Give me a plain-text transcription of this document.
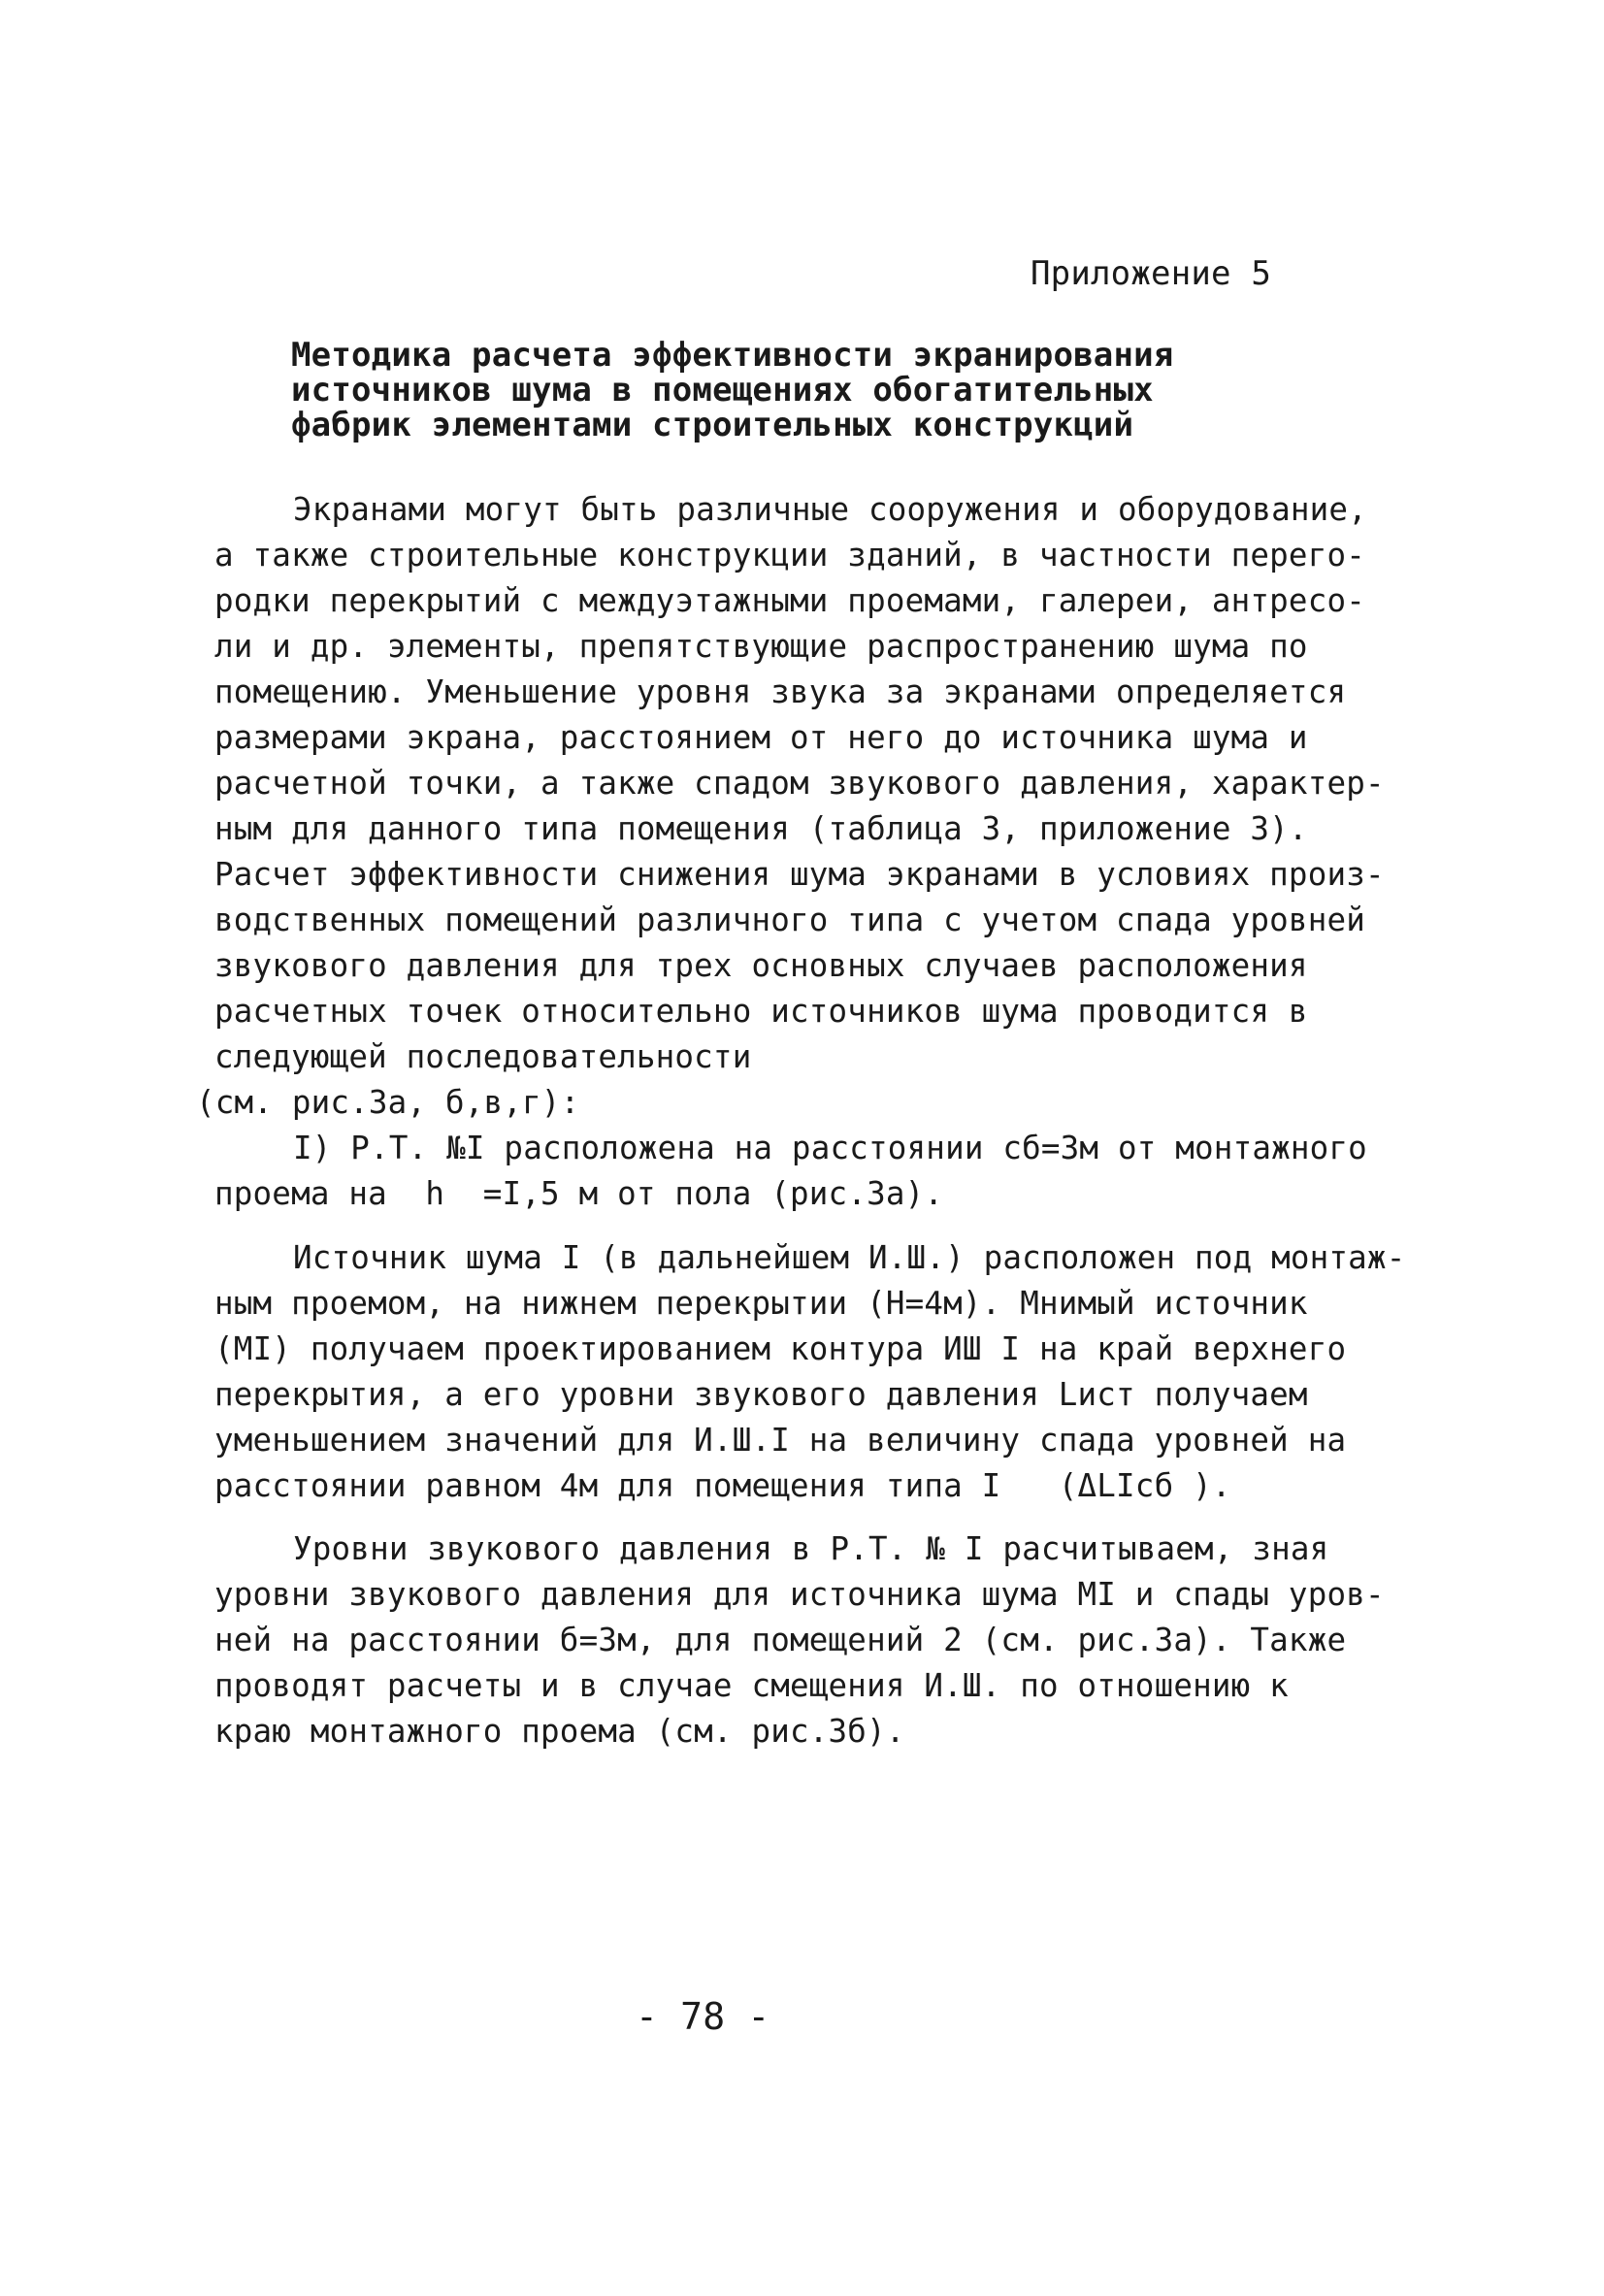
Приложение 5
Методика расчета эффективности экранирования
источников шума в помещениях обогатительных
фабрик элементами строительных конструкций
Экранами могут быть различные сооружения и оборудование,
а также строительные конструкции зданий, в частности перего-
родки перекрытий с междуэтажными проемами, галереи, антресо-
ли и др. элементы, препятствующие распространению шума по
помещению. Уменьшение уровня звука за экранами определяется
размерами экрана, расстоянием от него до источника шума и
расчетной точки, а также спадом звукового давления, характер-
ным для данного типа помещения (таблица 3, приложение 3).
Расчет эффективности снижения шума экранами в условиях произ-
водственных помещений различного типа с учетом спада уровней
звукового давления для трех основных случаев расположения
расчетных точек относительно источников шума проводится в
следующей последовательности
(см. рис.3а, б,в,г):
I) Р.Т. №I расположена на расстоянии сб=3м от монтажного
проема на  h  =I,5 м от пола (рис.3а).
Источник шума I (в дальнейшем И.Ш.) расположен под монтаж-
ным проемом, на нижнем перекрытии (Н=4м). Мнимый источник
(МI) получаем проектированием контура ИШ I на край верхнего
перекрытия, а его уровни звукового давления Lист получаем
уменьшением значений для И.Ш.I на величину спада уровней на
расстоянии равном 4м для помещения типа I   (ΔLIсб ).
Уровни звукового давления в Р.Т. № I расчитываем, зная
уровни звукового давления для источника шума МI и спады уров-
ней на расстоянии б=3м, для помещений 2 (см. рис.3а). Также
проводят расчеты и в случае смещения И.Ш. по отношению к
краю монтажного проема (см. рис.3б).
- 78 -
